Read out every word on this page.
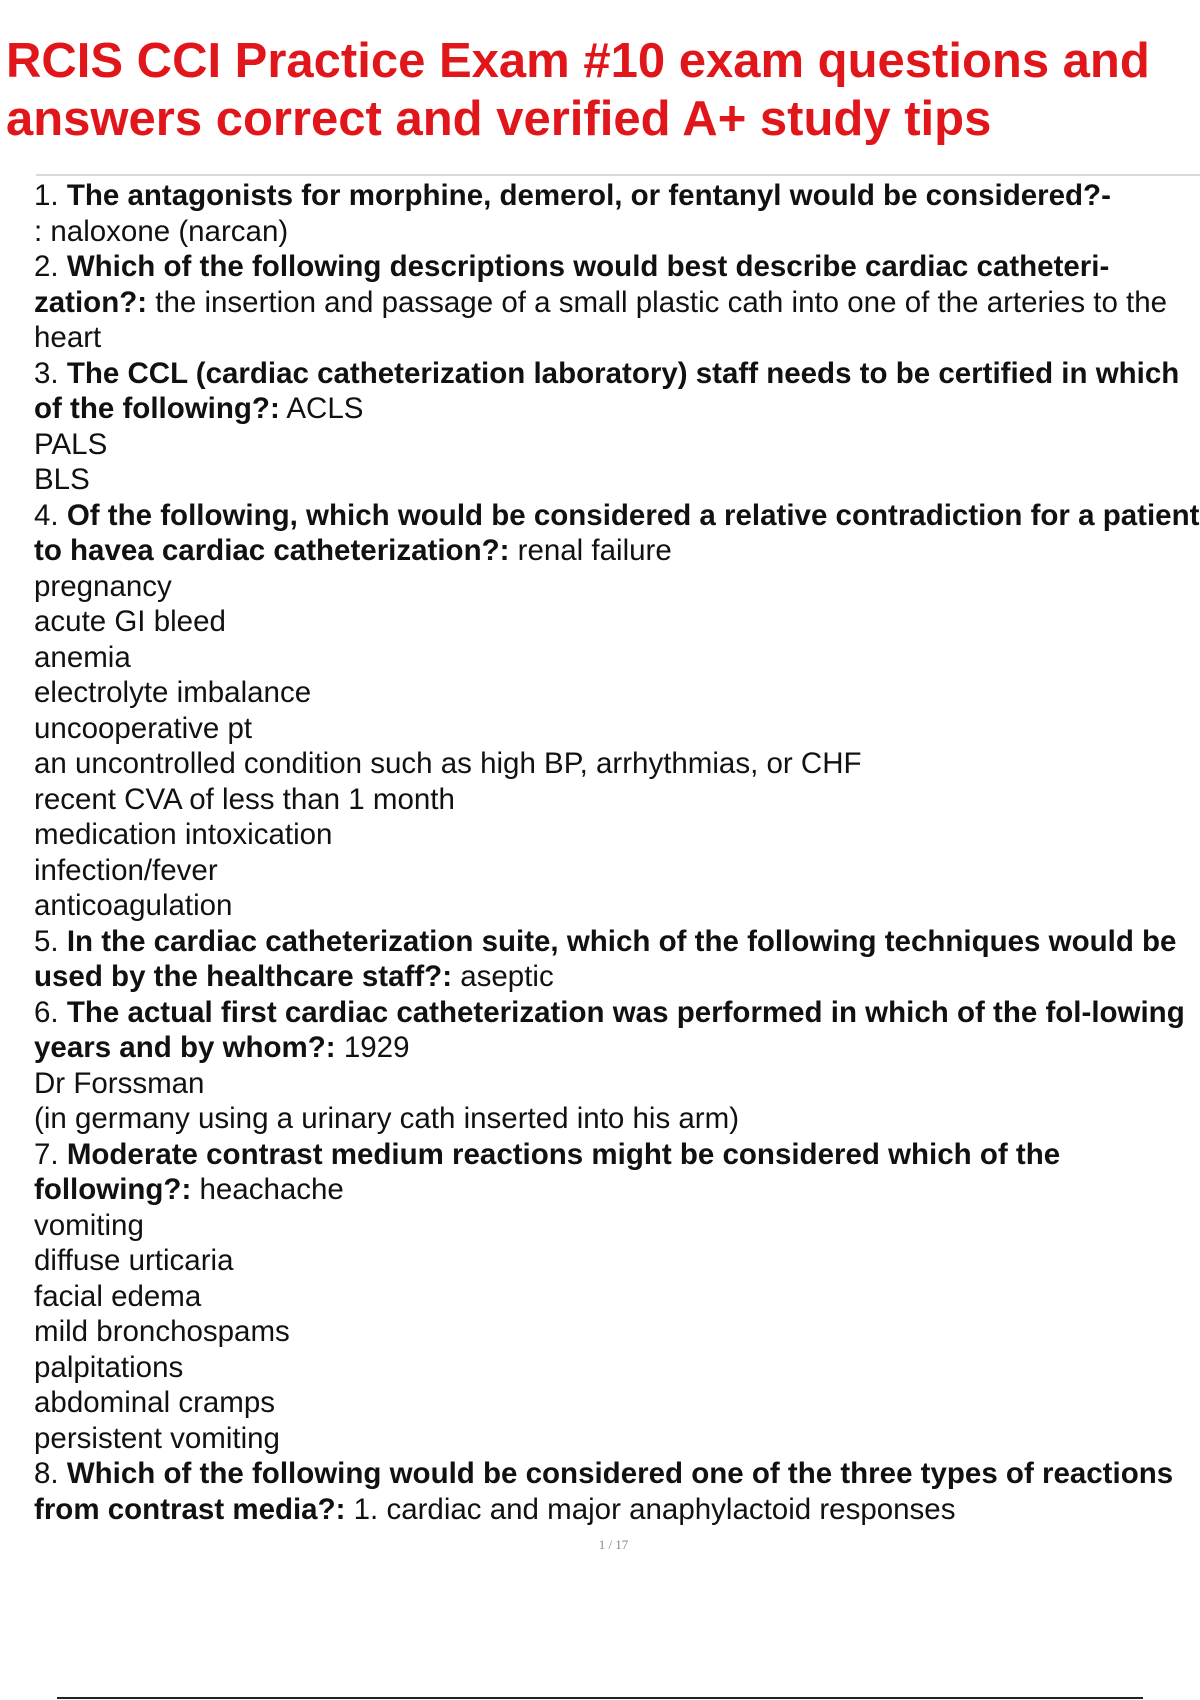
RCIS CCI Practice Exam #10 exam questions and answers correct and verified A+ study tips
1. The antagonists for morphine, demerol, or fentanyl would be considered?-
: naloxone (narcan)
2. Which of the following descriptions would best describe cardiac catheteri-zation?: the insertion and passage of a small plastic cath into one of the arteries to the heart
3. The CCL (cardiac catheterization laboratory) staff needs to be certified in which of the following?: ACLS
PALS
BLS
4. Of the following, which would be considered a relative contradiction for a patient to havea cardiac catheterization?: renal failure
pregnancy
acute GI bleed
anemia
electrolyte imbalance
uncooperative pt
an uncontrolled condition such as high BP, arrhythmias, or CHF
recent CVA of less than 1 month
medication intoxication
infection/fever
anticoagulation
5. In the cardiac catheterization suite, which of the following techniques would be used by the healthcare staff?: aseptic
6. The actual first cardiac catheterization was performed in which of the fol-lowing years and by whom?: 1929
Dr Forssman
(in germany using a urinary cath inserted into his arm)
7. Moderate contrast medium reactions might be considered which of the following?: heachache
vomiting
diffuse urticaria
facial edema
mild bronchospams
palpitations
abdominal cramps
persistent vomiting
8. Which of the following would be considered one of the three types of reactions from contrast media?: 1. cardiac and major anaphylactoid responses
1 / 17
